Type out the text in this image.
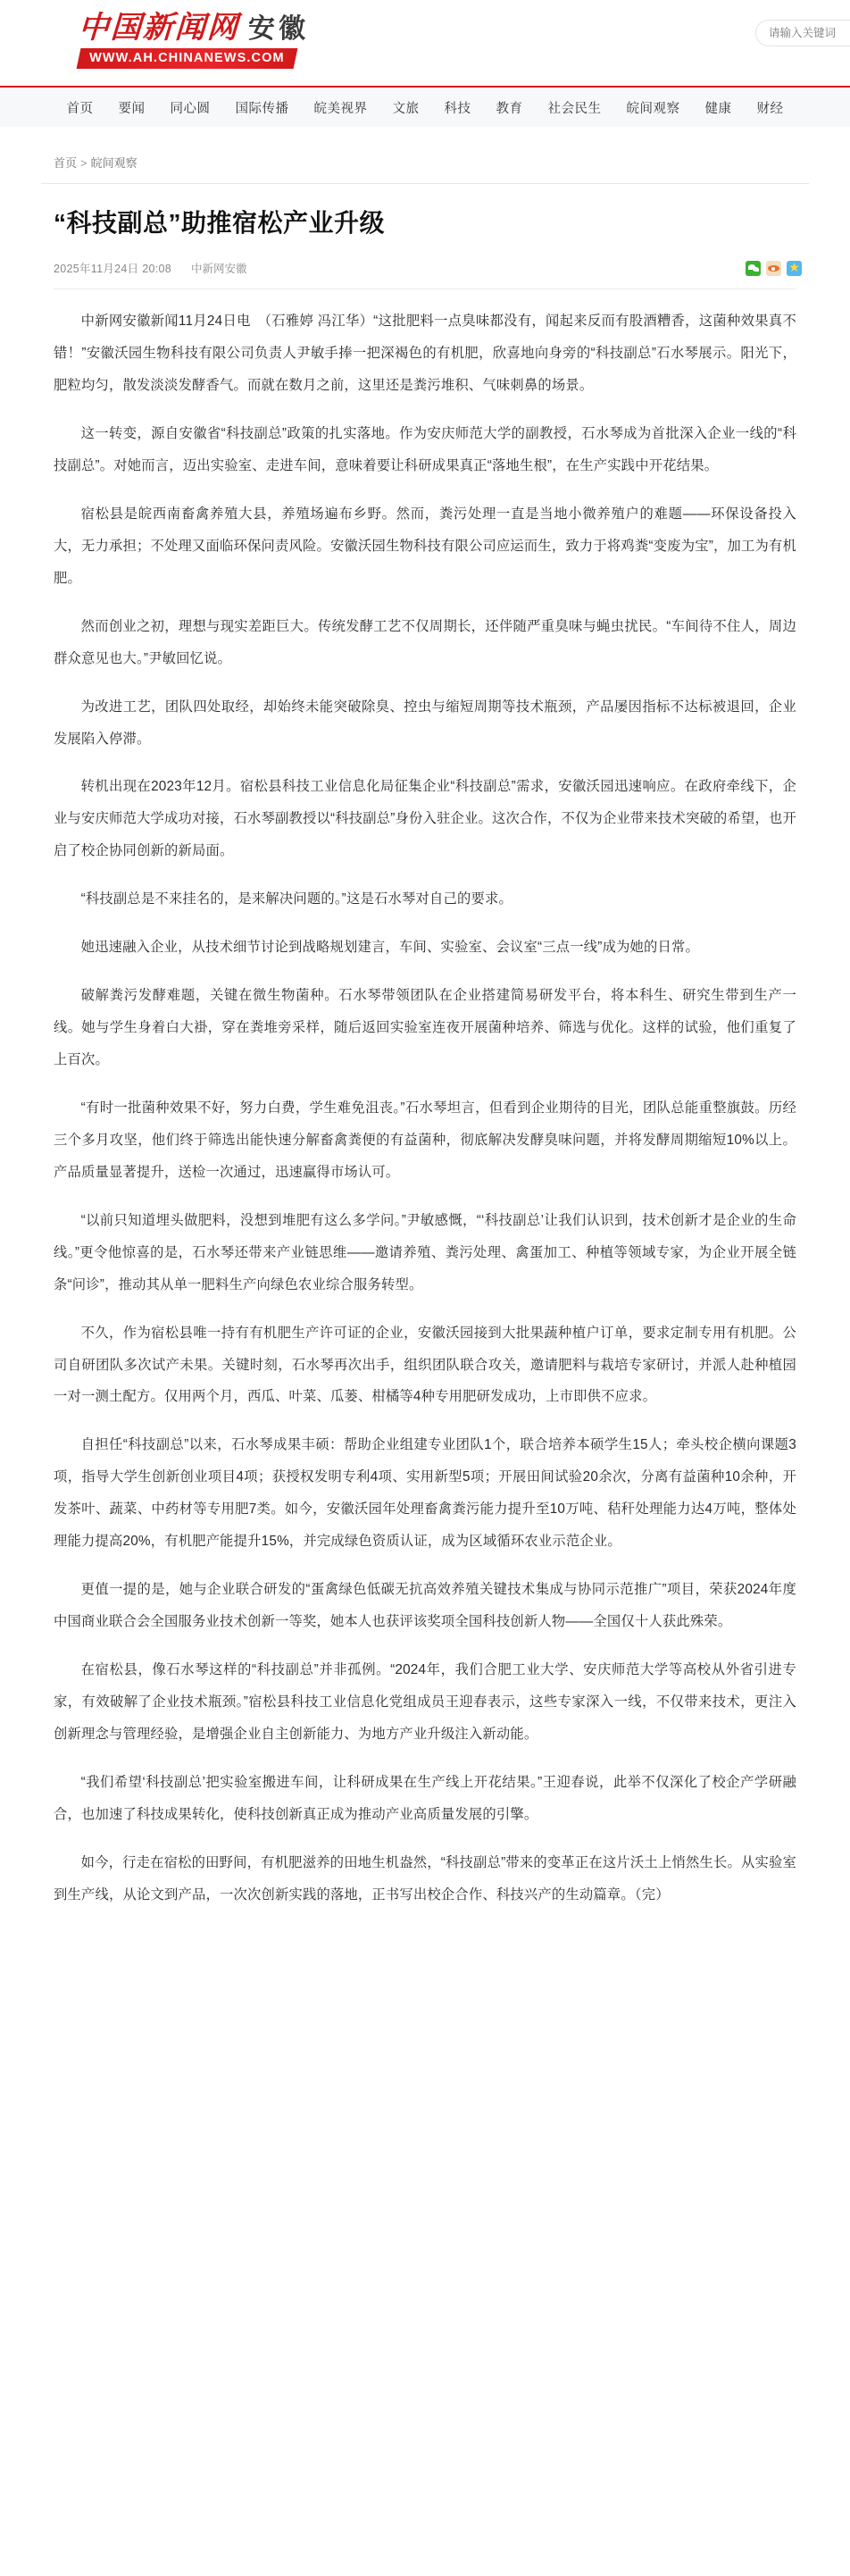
中国新闻网 安徽
WWW.AH.CHINANEWS.COM
请输入关键词
首页 要闻 同心圆 国际传播 皖美视界 文旅 科技 教育 社会民生 皖间观察 健康 财经
首页 > 皖间观察
“科技副总”助推宿松产业升级
2025年11月24日 20:08 中新网安徽
★

中新网安徽新闻11月24日电　（石雅婷 冯江华）“这批肥料一点臭味都没有，闻起来反而有股酒糟香，这菌种效果真不错！”安徽沃园生物科技有限公司负责人尹敏手捧一把深褐色的有机肥，欣喜地向身旁的“科技副总”石水琴展示。阳光下，肥粒均匀，散发淡淡发酵香气。而就在数月之前，这里还是粪污堆积、气味刺鼻的场景。

这一转变，源自安徽省“科技副总”政策的扎实落地。作为安庆师范大学的副教授，石水琴成为首批深入企业一线的“科技副总”。对她而言，迈出实验室、走进车间，意味着要让科研成果真正“落地生根”，在生产实践中开花结果。

宿松县是皖西南畜禽养殖大县，养殖场遍布乡野。然而，粪污处理一直是当地小微养殖户的难题——环保设备投入大，无力承担；不处理又面临环保问责风险。安徽沃园生物科技有限公司应运而生，致力于将鸡粪“变废为宝”，加工为有机肥。

然而创业之初，理想与现实差距巨大。传统发酵工艺不仅周期长，还伴随严重臭味与蝇虫扰民。“车间待不住人，周边群众意见也大。”尹敏回忆说。

为改进工艺，团队四处取经，却始终未能突破除臭、控虫与缩短周期等技术瓶颈，产品屡因指标不达标被退回，企业发展陷入停滞。

转机出现在2023年12月。宿松县科技工业信息化局征集企业“科技副总”需求，安徽沃园迅速响应。在政府牵线下，企业与安庆师范大学成功对接，石水琴副教授以“科技副总”身份入驻企业。这次合作，不仅为企业带来技术突破的希望，也开启了校企协同创新的新局面。

“科技副总是不来挂名的，是来解决问题的。”这是石水琴对自己的要求。

她迅速融入企业，从技术细节讨论到战略规划建言，车间、实验室、会议室“三点一线”成为她的日常。

破解粪污发酵难题，关键在微生物菌种。石水琴带领团队在企业搭建简易研发平台，将本科生、研究生带到生产一线。她与学生身着白大褂，穿在粪堆旁采样，随后返回实验室连夜开展菌种培养、筛选与优化。这样的试验，他们重复了上百次。

“有时一批菌种效果不好，努力白费，学生难免沮丧。”石水琴坦言，但看到企业期待的目光，团队总能重整旗鼓。历经三个多月攻坚，他们终于筛选出能快速分解畜禽粪便的有益菌种，彻底解决发酵臭味问题，并将发酵周期缩短10%以上。产品质量显著提升，送检一次通过，迅速赢得市场认可。

“以前只知道埋头做肥料，没想到堆肥有这么多学问。”尹敏感慨，“‘科技副总’让我们认识到，技术创新才是企业的生命线。”更令他惊喜的是，石水琴还带来产业链思维——邀请养殖、粪污处理、禽蛋加工、种植等领域专家，为企业开展全链条“问诊”，推动其从单一肥料生产向绿色农业综合服务转型。

不久，作为宿松县唯一持有有机肥生产许可证的企业，安徽沃园接到大批果蔬种植户订单，要求定制专用有机肥。公司自研团队多次试产未果。关键时刻，石水琴再次出手，组织团队联合攻关，邀请肥料与栽培专家研讨，并派人赴种植园一对一测土配方。仅用两个月，西瓜、叶菜、瓜蒌、柑橘等4种专用肥研发成功，上市即供不应求。

自担任“科技副总”以来，石水琴成果丰硕：帮助企业组建专业团队1个，联合培养本硕学生15人；牵头校企横向课题3项，指导大学生创新创业项目4项；获授权发明专利4项、实用新型5项；开展田间试验20余次，分离有益菌种10余种，开发茶叶、蔬菜、中药材等专用肥7类。如今，安徽沃园年处理畜禽粪污能力提升至10万吨、秸秆处理能力达4万吨，整体处理能力提高20%，有机肥产能提升15%，并完成绿色资质认证，成为区域循环农业示范企业。

更值一提的是，她与企业联合研发的“蛋禽绿色低碳无抗高效养殖关键技术集成与协同示范推广”项目，荣获2024年度中国商业联合会全国服务业技术创新一等奖，她本人也获评该奖项全国科技创新人物——全国仅十人获此殊荣。

在宿松县，像石水琴这样的“科技副总”并非孤例。“2024年，我们合肥工业大学、安庆师范大学等高校从外省引进专家，有效破解了企业技术瓶颈。”宿松县科技工业信息化党组成员王迎春表示，这些专家深入一线，不仅带来技术，更注入创新理念与管理经验，是增强企业自主创新能力、为地方产业升级注入新动能。

“我们希望‘科技副总’把实验室搬进车间，让科研成果在生产线上开花结果。”王迎春说，此举不仅深化了校企产学研融合，也加速了科技成果转化，使科技创新真正成为推动产业高质量发展的引擎。

如今，行走在宿松的田野间，有机肥滋养的田地生机盎然，“科技副总”带来的变革正在这片沃土上悄然生长。从实验室到生产线，从论文到产品，一次次创新实践的落地，正书写出校企合作、科技兴产的生动篇章。（完）
